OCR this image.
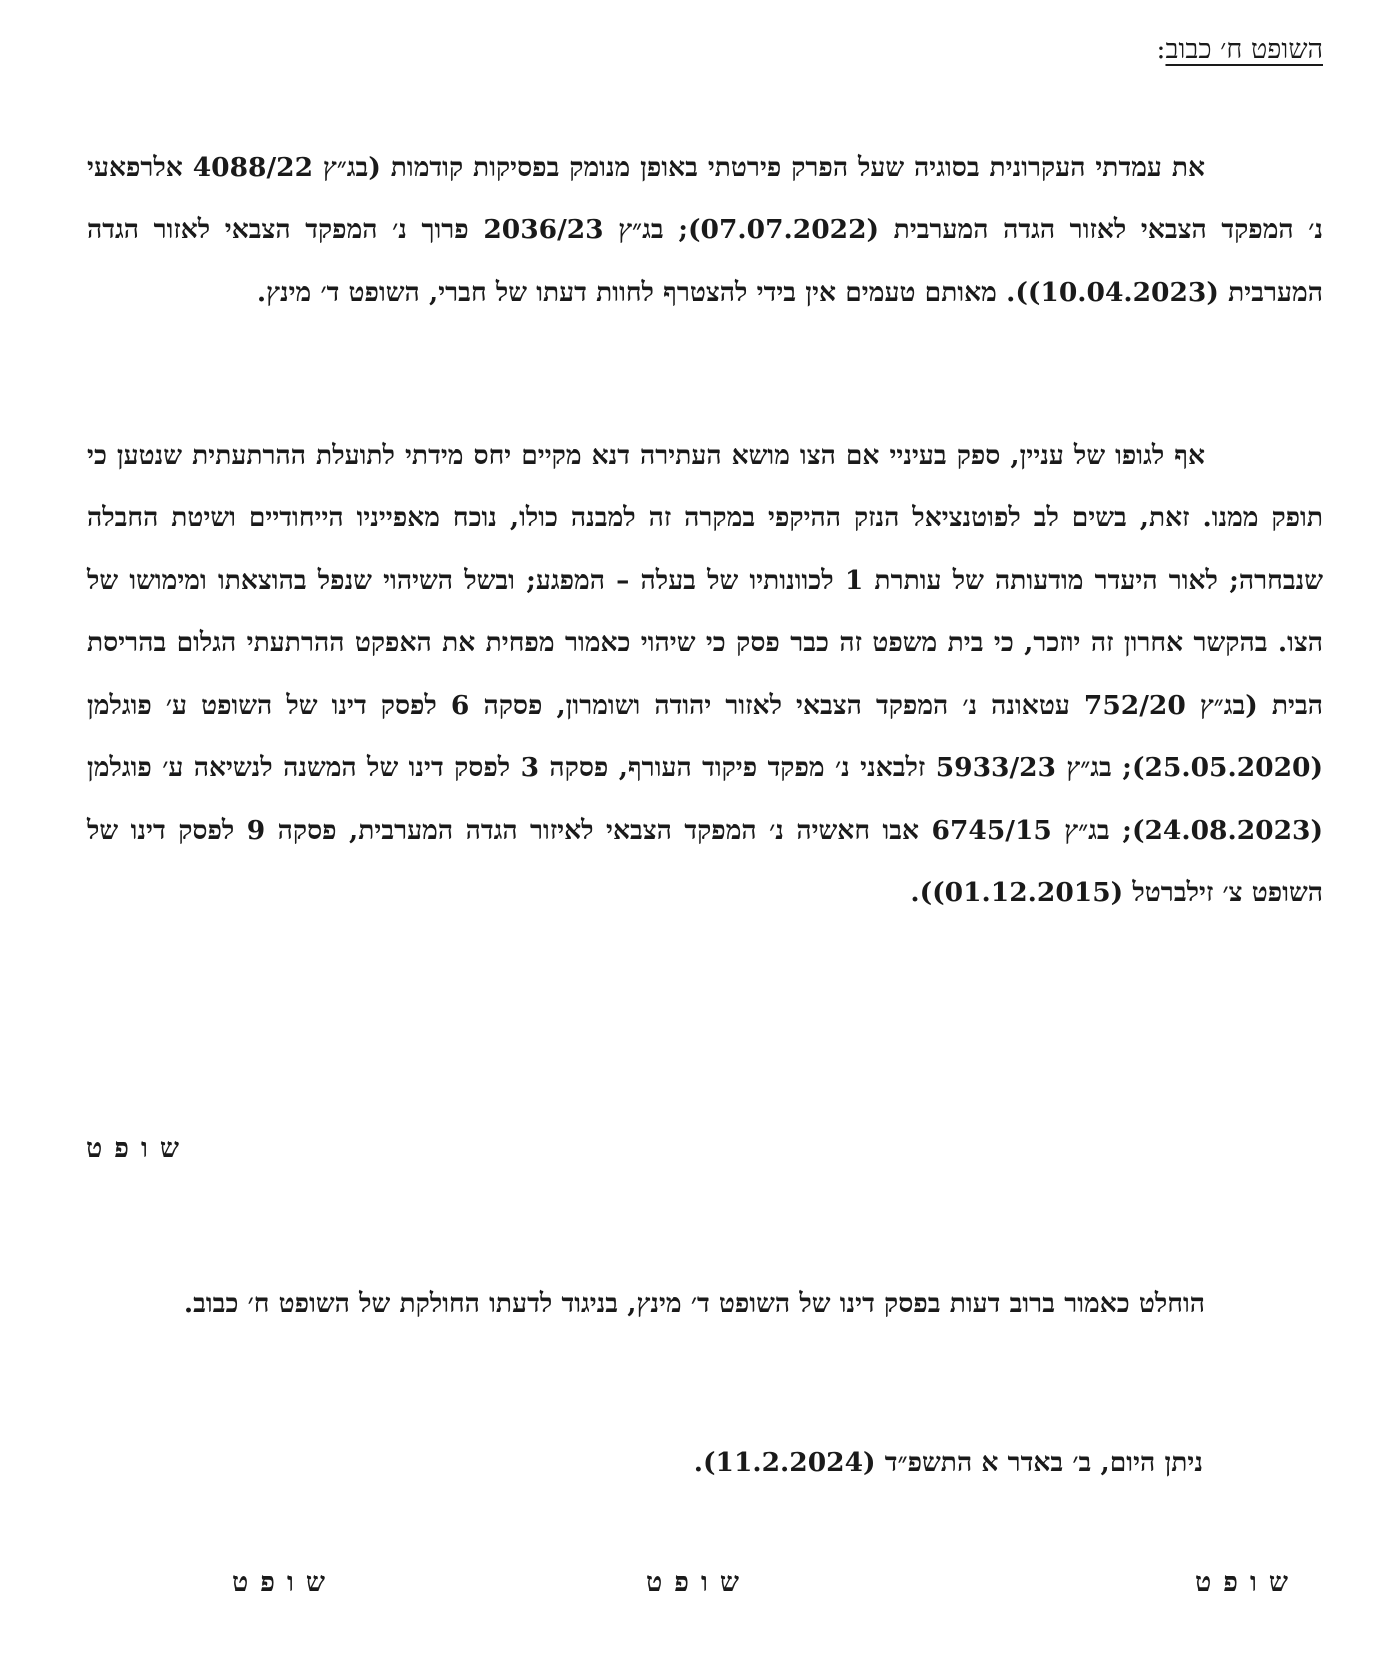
השופט ח׳ כבוב:

את עמדתי העקרונית בסוגיה שעל הפרק פירטתי באופן מנומק בפסיקות קודמות (בג״ץ 4088/22 אלרפאעי נ׳ המפקד הצבאי לאזור הגדה המערבית (07.07.2022); בג״ץ 2036/23 פרוך נ׳ המפקד הצבאי לאזור הגדה המערבית (10.04.2023)). מאותם טעמים אין בידי להצטרף לחוות דעתו של חברי, השופט ד׳ מינץ.

אף לגופו של עניין, ספק בעיניי אם הצו מושא העתירה דנא מקיים יחס מידתי לתועלת ההרתעתית שנטען כי תופק ממנו. זאת, בשים לב לפוטנציאל הנזק ההיקפי במקרה זה למבנה כולו, נוכח מאפייניו הייחודיים ושיטת החבלה שנבחרה; לאור היעדר מודעותה של עותרת 1 לכוונותיו של בעלה – המפגע; ובשל השיהוי שנפל בהוצאתו ומימושו של הצו. בהקשר אחרון זה יוזכר, כי בית משפט זה כבר פסק כי שיהוי כאמור מפחית את האפקט ההרתעתי הגלום בהריסת הבית (בג״ץ 752/20 עטאונה נ׳ המפקד הצבאי לאזור יהודה ושומרון, פסקה 6 לפסק דינו של השופט ע׳ פוגלמן (25.05.2020); בג״ץ 5933/23 זלבאני נ׳ מפקד פיקוד העורף, פסקה 3 לפסק דינו של המשנה לנשיאה ע׳ פוגלמן (24.08.2023); בג״ץ 6745/15 אבו חאשיה נ׳ המפקד הצבאי לאיזור הגדה המערבית, פסקה 9 לפסק דינו של השופט צ׳ זילברטל (01.12.2015)).

שופט

הוחלט כאמור ברוב דעות בפסק דינו של השופט ד׳ מינץ, בניגוד לדעתו החולקת של השופט ח׳ כבוב.

ניתן היום, ב׳ באדר א התשפ״ד (11.2.2024).
שופט	שופט	שופט
